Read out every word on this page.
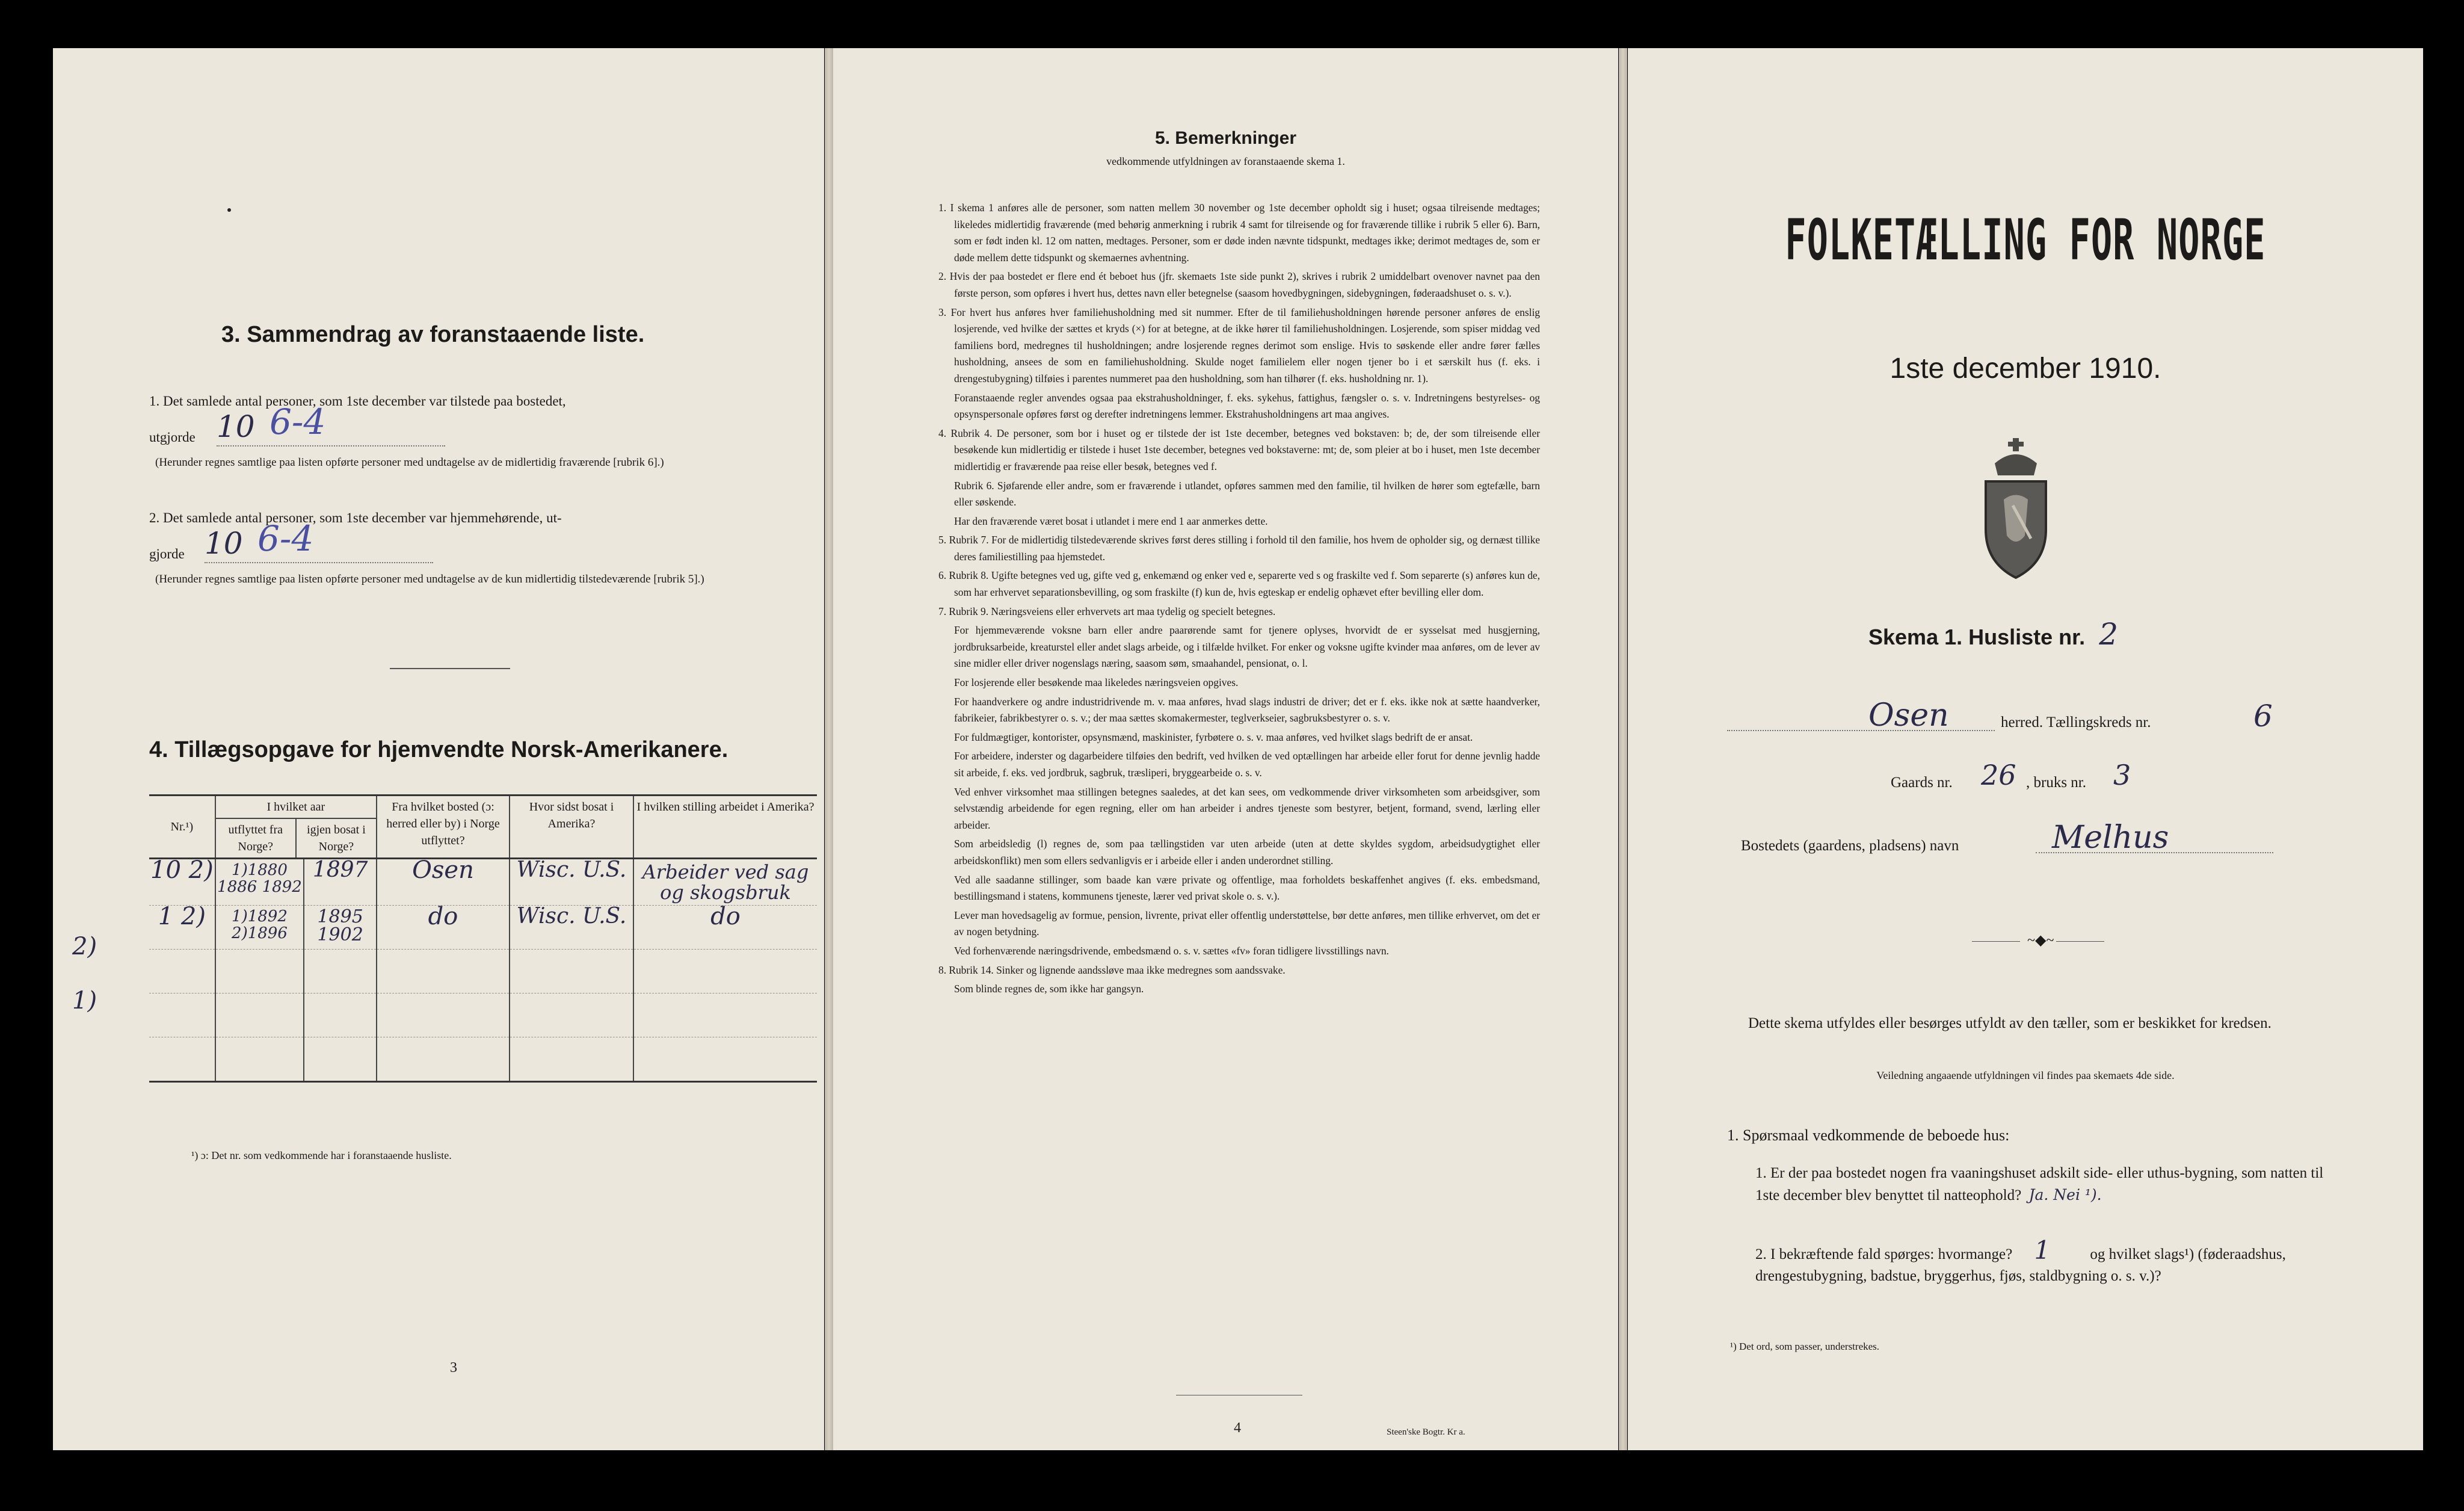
3. Sammendrag av foranstaaende liste.
1. Det samlede antal personer, som 1ste december var tilstede paa bostedet,
utgjorde 10 6-4
(Herunder regnes samtlige paa listen opførte personer med undtagelse av de midlertidig fraværende [rubrik 6].)
2. Det samlede antal personer, som 1ste december var hjemmehørende, ut-
gjorde 10 6-4
(Herunder regnes samtlige paa listen opførte personer med undtagelse av de kun midlertidig tilstedeværende [rubrik 5].)
4. Tillægsopgave for hjemvendte Norsk-Amerikanere.
Nr.¹)	I hvilket aar
utflyttet fra Norge?
igjen bosat i Norge?		Fra hvilket bosted (ɔ: herred eller by) i Norge utflyttet?	Hvor sidst bosat i Amerika?	I hvilken stilling arbeidet i Amerika?
10 2)	1)1880 1886 1892	1897	Osen	Wisc. U.S.	Arbeider ved sag og skogsbruk
1 2)	1)1892 2)1896	1895 1902	do	Wisc. U.S.	do

2)
1)
¹) ɔ: Det nr. som vedkommende har i foranstaaende husliste.
3
5. Bemerkninger
vedkommende utfyldningen av foranstaaende skema 1.

1. I skema 1 anføres alle de personer, som natten mellem 30 november og 1ste december opholdt sig i huset; ogsaa tilreisende medtages; likeledes midlertidig fraværende (med behørig anmerkning i rubrik 4 samt for tilreisende og for fraværende tillike i rubrik 5 eller 6). Barn, som er født inden kl. 12 om natten, medtages. Personer, som er døde inden nævnte tidspunkt, medtages ikke; derimot medtages de, som er døde mellem dette tidspunkt og skemaernes avhentning.

2. Hvis der paa bostedet er flere end ét beboet hus (jfr. skemaets 1ste side punkt 2), skrives i rubrik 2 umiddelbart ovenover navnet paa den første person, som opføres i hvert hus, dettes navn eller betegnelse (saasom hovedbygningen, sidebygningen, føderaadshuset o. s. v.).

3. For hvert hus anføres hver familiehusholdning med sit nummer. Efter de til familiehusholdningen hørende personer anføres de enslig losjerende, ved hvilke der sættes et kryds (×) for at betegne, at de ikke hører til familiehusholdningen. Losjerende, som spiser middag ved familiens bord, medregnes til husholdningen; andre losjerende regnes derimot som enslige. Hvis to søskende eller andre fører fælles husholdning, ansees de som en familiehusholdning. Skulde noget familielem eller nogen tjener bo i et særskilt hus (f. eks. i drengestubygning) tilføies i parentes nummeret paa den husholdning, som han tilhører (f. eks. husholdning nr. 1).

Foranstaaende regler anvendes ogsaa paa ekstrahusholdninger, f. eks. sykehus, fattighus, fængsler o. s. v. Indretningens bestyrelses- og opsynspersonale opføres først og derefter indretningens lemmer. Ekstrahusholdningens art maa angives.

4. Rubrik 4. De personer, som bor i huset og er tilstede der ist 1ste december, betegnes ved bokstaven: b; de, der som tilreisende eller besøkende kun midlertidig er tilstede i huset 1ste december, betegnes ved bokstaverne: mt; de, som pleier at bo i huset, men 1ste december midlertidig er fraværende paa reise eller besøk, betegnes ved f.

Rubrik 6. Sjøfarende eller andre, som er fraværende i utlandet, opføres sammen med den familie, til hvilken de hører som egtefælle, barn eller søskende.

Har den fraværende været bosat i utlandet i mere end 1 aar anmerkes dette.

5. Rubrik 7. For de midlertidig tilstedeværende skrives først deres stilling i forhold til den familie, hos hvem de opholder sig, og dernæst tillike deres familiestilling paa hjemstedet.

6. Rubrik 8. Ugifte betegnes ved ug, gifte ved g, enkemænd og enker ved e, separerte ved s og fraskilte ved f. Som separerte (s) anføres kun de, som har erhvervet separationsbevilling, og som fraskilte (f) kun de, hvis egteskap er endelig ophævet efter bevilling eller dom.

7. Rubrik 9. Næringsveiens eller erhvervets art maa tydelig og specielt betegnes.

For hjemmeværende voksne barn eller andre paarørende samt for tjenere oplyses, hvorvidt de er sysselsat med husgjerning, jordbruksarbeide, kreaturstel eller andet slags arbeide, og i tilfælde hvilket. For enker og voksne ugifte kvinder maa anføres, om de lever av sine midler eller driver nogenslags næring, saasom søm, smaahandel, pensionat, o. l.

For losjerende eller besøkende maa likeledes næringsveien opgives.

For haandverkere og andre industridrivende m. v. maa anføres, hvad slags industri de driver; det er f. eks. ikke nok at sætte haandverker, fabrikeier, fabrikbestyrer o. s. v.; der maa sættes skomakermester, teglverkseier, sagbruksbestyrer o. s. v.

For fuldmægtiger, kontorister, opsynsmænd, maskinister, fyrbøtere o. s. v. maa anføres, ved hvilket slags bedrift de er ansat.

For arbeidere, inderster og dagarbeidere tilføies den bedrift, ved hvilken de ved optællingen har arbeide eller forut for denne jevnlig hadde sit arbeide, f. eks. ved jordbruk, sagbruk, træsliperi, bryggearbeide o. s. v.

Ved enhver virksomhet maa stillingen betegnes saaledes, at det kan sees, om vedkommende driver virksomheten som arbeidsgiver, som selvstændig arbeidende for egen regning, eller om han arbeider i andres tjeneste som bestyrer, betjent, formand, svend, lærling eller arbeider.

Som arbeidsledig (l) regnes de, som paa tællingstiden var uten arbeide (uten at dette skyldes sygdom, arbeidsudygtighet eller arbeidskonflikt) men som ellers sedvanligvis er i arbeide eller i anden underordnet stilling.

Ved alle saadanne stillinger, som baade kan være private og offentlige, maa forholdets beskaffenhet angives (f. eks. embedsmand, bestillingsmand i statens, kommunens tjeneste, lærer ved privat skole o. s. v.).

Lever man hovedsagelig av formue, pension, livrente, privat eller offentlig understøttelse, bør dette anføres, men tillike erhvervet, om det er av nogen betydning.

Ved forhenværende næringsdrivende, embedsmænd o. s. v. sættes «fv» foran tidligere livsstillings navn.

8. Rubrik 14. Sinker og lignende aandssløve maa ikke medregnes som aandssvake.

Som blinde regnes de, som ikke har gangsyn.

4	Steen'ske Bogtr. Kr a.
FOLKETÆLLING FOR NORGE
1ste december 1910.
Skema 1. Husliste nr. 2
Osen	herred. Tællingskreds nr.	6
Gaards nr. 26 , bruks nr. 3
Bostedets (gaardens, pladsens) navn	Melhus
~◆~
Dette skema utfyldes eller besørges utfyldt av den tæller, som er beskikket for kredsen.
Veiledning angaaende utfyldningen vil findes paa skemaets 4de side.
1. Spørsmaal vedkommende de beboede hus:
1. Er der paa bostedet nogen fra vaaningshuset adskilt side- eller uthus-bygning, som natten til 1ste december blev benyttet til natteophold? Ja. Nei ¹).
2. I bekræftende fald spørges: hvormange? 1	og hvilket slags¹) (føderaadshus, drengestubygning, badstue, bryggerhus, fjøs, staldbygning o. s. v.)?
¹) Det ord, som passer, understrekes.
